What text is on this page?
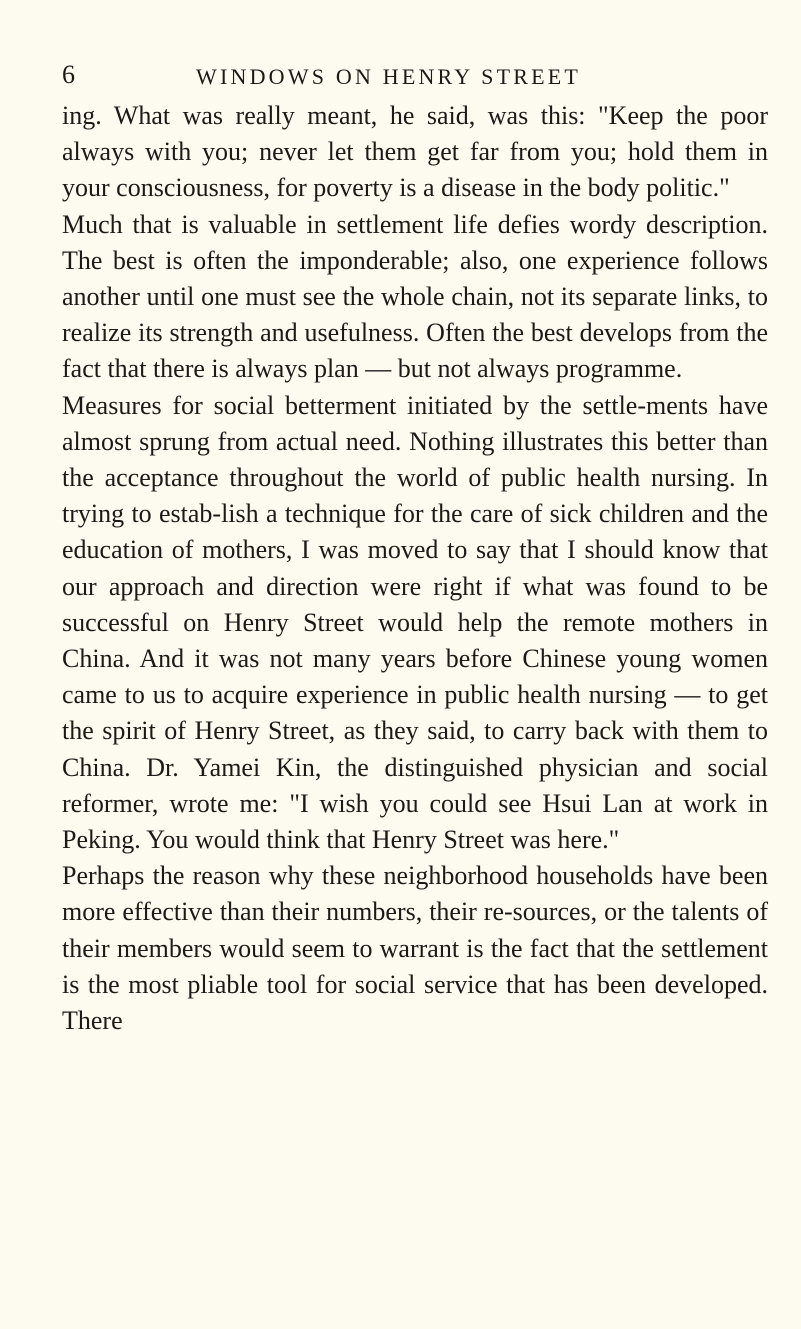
6	WINDOWS ON HENRY STREET

ing. What was really meant, he said, was this: "Keep the poor always with you; never let them get far from you; hold them in your consciousness, for poverty is a disease in the body politic."

Much that is valuable in settlement life defies wordy description. The best is often the imponderable; also, one experience follows another until one must see the whole chain, not its separate links, to realize its strength and usefulness. Often the best develops from the fact that there is always plan — but not always programme.

Measures for social betterment initiated by the settle-ments have almost sprung from actual need. Nothing illustrates this better than the acceptance throughout the world of public health nursing. In trying to estab-lish a technique for the care of sick children and the education of mothers, I was moved to say that I should know that our approach and direction were right if what was found to be successful on Henry Street would help the remote mothers in China. And it was not many years before Chinese young women came to us to acquire experience in public health nursing — to get the spirit of Henry Street, as they said, to carry back with them to China. Dr. Yamei Kin, the distinguished physician and social reformer, wrote me: "I wish you could see Hsui Lan at work in Peking. You would think that Henry Street was here."

Perhaps the reason why these neighborhood households have been more effective than their numbers, their re-sources, or the talents of their members would seem to warrant is the fact that the settlement is the most pliable tool for social service that has been developed. There
